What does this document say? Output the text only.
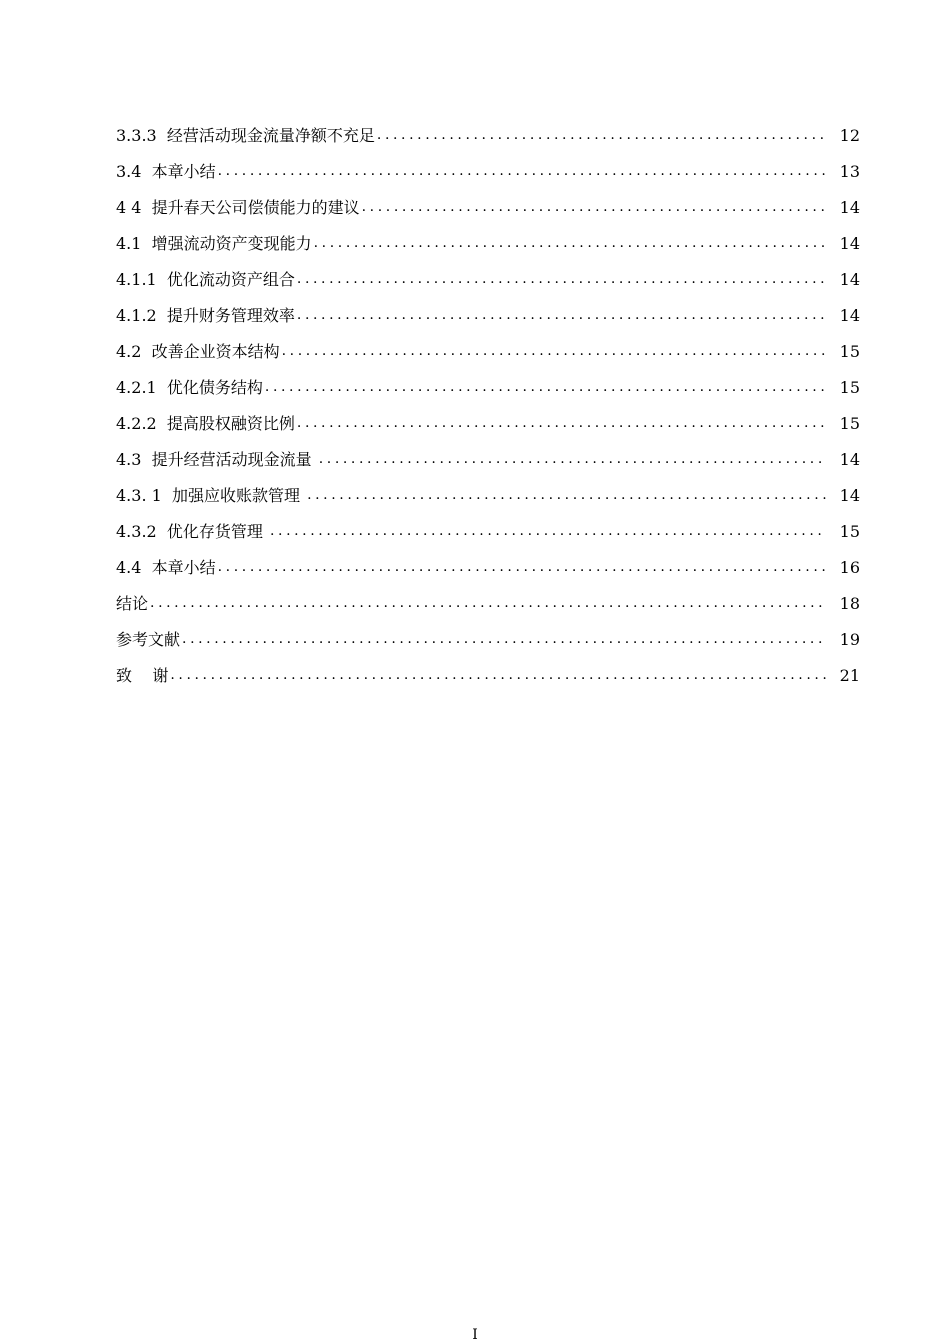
3.3.3  经营活动现金流量净额不充足 .....	12
3.4  本章小结 .....	13
4 4  提升春天公司偿债能力的建议 .....	14
4.1  增强流动资产变现能力 .....	14
4.1.1  优化流动资产组合 .....	14
4.1.2  提升财务管理效率 .....	14
4.2  改善企业资本结构 .....	15
4.2.1  优化债务结构 .....	15
4.2.2  提高股权融资比例 .....	15
4.3  提升经营活动现金流量 .....	14
4.3. 1  加强应收账款管理 .....	14
4.3.2  优化存货管理 .....	15
4.4  本章小结 .....	16
结论 .....	18
参考文献 .....	19
致    谢 .....	21
I
